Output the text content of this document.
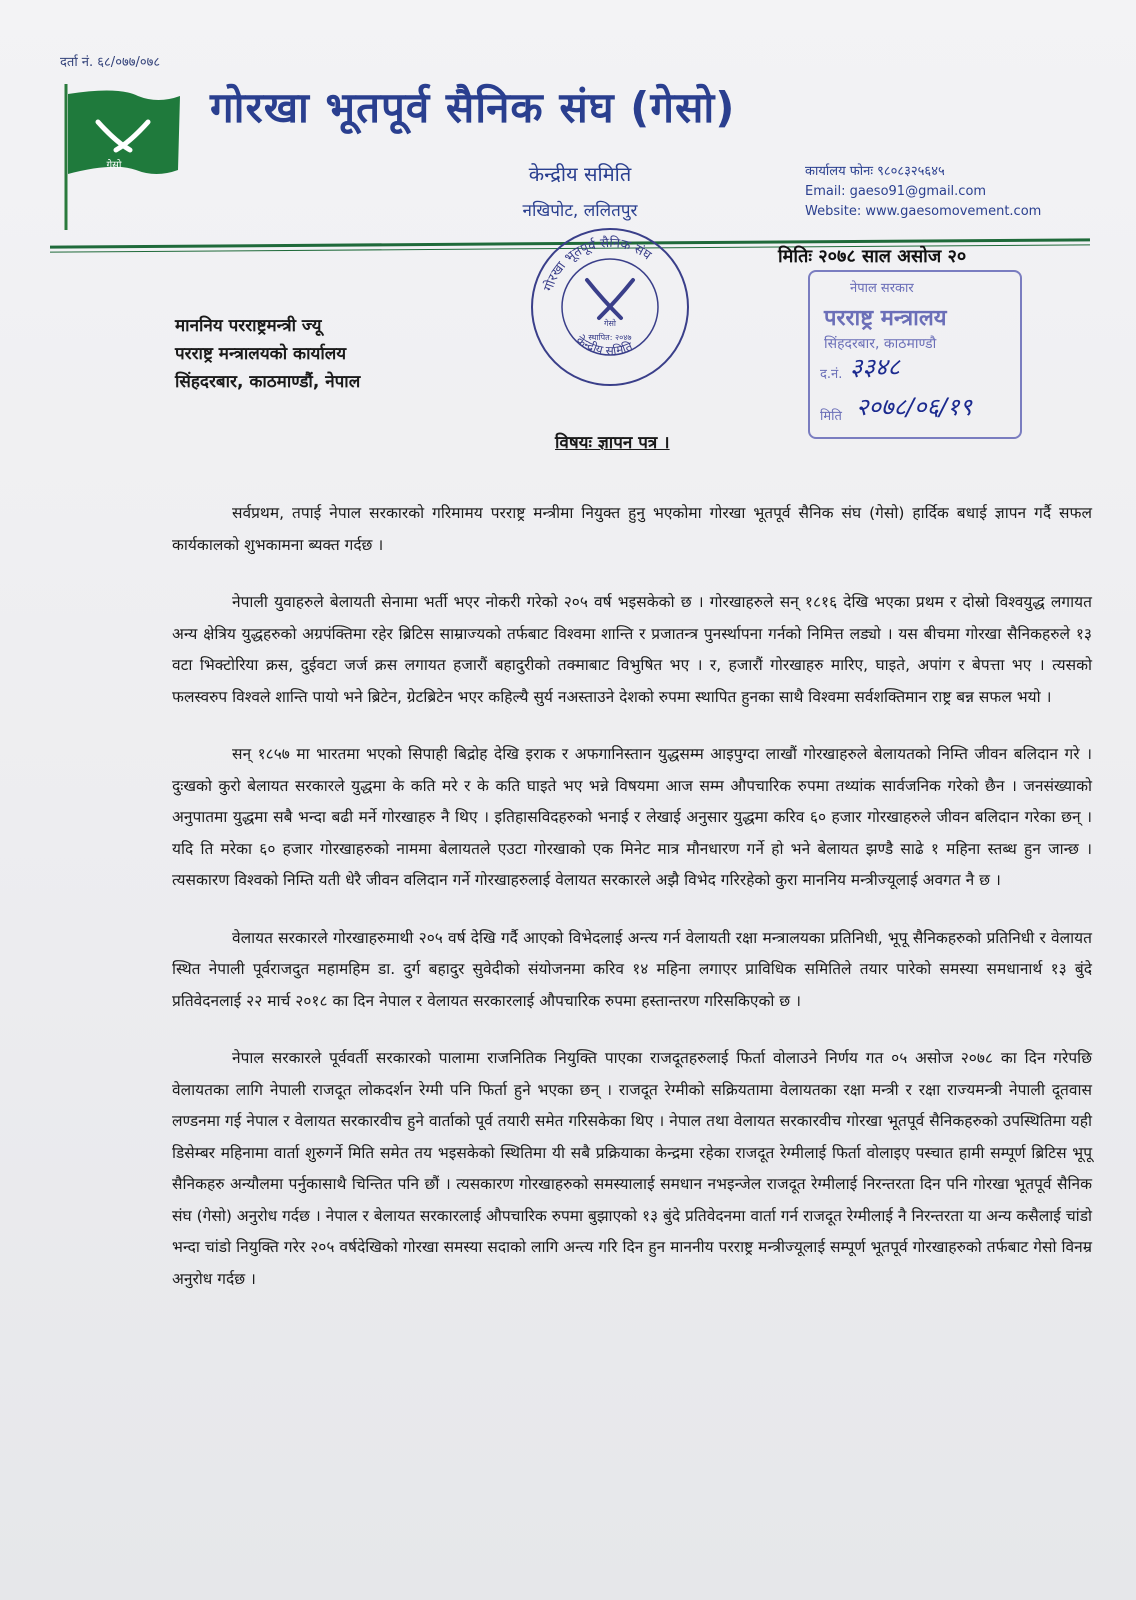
दर्ता नं. ६८/०७७/०७८
गेसो
गोरखा भूतपूर्व सैनिक संघ (गेसो)
केन्द्रीय समिति
नखिपोट, ललितपुर
कार्यालय फोनः ९८०८३२५६४५
Email: gaeso91@gmail.com
Website: www.gaesomovement.com
मितिः २०७८ साल असोज २०
गोरखा भूतपूर्व सैनिक संघ
केन्द्रीय समिति
गेसो
स्थापित: २०४७
नेपाल सरकार
परराष्ट्र मन्त्रालय
सिंहदरबार, काठमाण्डौ
द.नं. ३३४८
मिति २०७८/०६/१९
माननिय परराष्ट्रमन्त्री ज्यू
परराष्ट्र मन्त्रालयको कार्यालय
सिंहदरबार, काठमाण्डौं, नेपाल
विषयः ज्ञापन पत्र ।

सर्वप्रथम, तपाई नेपाल सरकारको गरिमामय परराष्ट्र मन्त्रीमा नियुक्त हुनु भएकोमा गोरखा भूतपूर्व सैनिक संघ (गेसो) हार्दिक बधाई ज्ञापन गर्दै सफल कार्यकालको शुभकामना ब्यक्त गर्दछ ।

नेपाली युवाहरुले बेलायती सेनामा भर्ती भएर नोकरी गरेको २०५ वर्ष भइसकेको छ । गोरखाहरुले सन् १८१६ देखि भएका प्रथम र दोस्रो विश्वयुद्ध लगायत अन्य क्षेत्रिय युद्धहरुको अग्रपंक्तिमा रहेर ब्रिटिस साम्राज्यको तर्फबाट विश्वमा शान्ति र प्रजातन्त्र पुनर्स्थापना गर्नको निमित्त लड्यो । यस बीचमा गोरखा सैनिकहरुले १३ वटा भिक्टोरिया क्रस, दुईवटा जर्ज क्रस लगायत हजारौं बहादुरीको तक्माबाट विभुषित भए । र, हजारौं गोरखाहरु मारिए, घाइते, अपांग र बेपत्ता भए । त्यसको फलस्वरुप विश्वले शान्ति पायो भने ब्रिटेन, ग्रेटब्रिटेन भएर कहिल्यै सुर्य नअस्ताउने देशको रुपमा स्थापित हुनका साथै विश्वमा सर्वशक्तिमान राष्ट्र बन्न सफल भयो ।

सन् १८५७ मा भारतमा भएको सिपाही बिद्रोह देखि इराक र अफगानिस्तान युद्धसम्म आइपुग्दा लाखौं गोरखाहरुले बेलायतको निम्ति जीवन बलिदान गरे । दुःखको कुरो बेलायत सरकारले युद्धमा के कति मरे र के कति घाइते भए भन्ने विषयमा आज सम्म औपचारिक रुपमा तथ्यांक सार्वजनिक गरेको छैन । जनसंख्याको अनुपातमा युद्धमा सबै भन्दा बढी मर्ने गोरखाहरु नै थिए । इतिहासविदहरुको भनाई र लेखाई अनुसार युद्धमा करिव ६० हजार गोरखाहरुले जीवन बलिदान गरेका छन् । यदि ति मरेका ६० हजार गोरखाहरुको नाममा बेलायतले एउटा गोरखाको एक मिनेट मात्र मौनधारण गर्ने हो भने बेलायत झण्डै साढे १ महिना स्तब्ध हुन जान्छ । त्यसकारण विश्वको निम्ति यती धेरै जीवन वलिदान गर्ने गोरखाहरुलाई वेलायत सरकारले अझै विभेद गरिरहेको कुरा माननिय मन्त्रीज्यूलाई अवगत नै छ ।

वेलायत सरकारले गोरखाहरुमाथी २०५ वर्ष देखि गर्दै आएको विभेदलाई अन्त्य गर्न वेलायती रक्षा मन्त्रालयका प्रतिनिधी, भूपू सैनिकहरुको प्रतिनिधी र वेलायत स्थित नेपाली पूर्वराजदुत महामहिम डा. दुर्ग बहादुर सुवेदीको संयोजनमा करिव १४ महिना लगाएर प्राविधिक समितिले तयार पारेको समस्या समधानार्थ १३ बुंदे प्रतिवेदनलाई २२ मार्च २०१८ का दिन नेपाल र वेलायत सरकारलाई औपचारिक रुपमा हस्तान्तरण गरिसकिएको छ ।

नेपाल सरकारले पूर्ववर्ती सरकारको पालामा राजनितिक नियुक्ति पाएका राजदूतहरुलाई फिर्ता वोलाउने निर्णय गत ०५ असोज २०७८ का दिन गरेपछि वेलायतका लागि नेपाली राजदूत लोकदर्शन रेग्मी पनि फिर्ता हुने भएका छन् । राजदूत रेग्मीको सक्रियतामा वेलायतका रक्षा मन्त्री र रक्षा राज्यमन्त्री नेपाली दूतवास लण्डनमा गई नेपाल र वेलायत सरकारवीच हुने वार्ताको पूर्व तयारी समेत गरिसकेका थिए । नेपाल तथा वेलायत सरकारवीच गोरखा भूतपूर्व सैनिकहरुको उपस्थितिमा यही डिसेम्बर महिनामा वार्ता शुरुगर्ने मिति समेत तय भइसकेको स्थितिमा यी सबै प्रक्रियाका केन्द्रमा रहेका राजदूत रेग्मीलाई फिर्ता वोलाइए पस्चात हामी सम्पूर्ण ब्रिटिस भूपू सैनिकहरु अन्यौलमा पर्नुकासाथै चिन्तित पनि छौं । त्यसकारण गोरखाहरुको समस्यालाई समधान नभइन्जेल राजदूत रेग्मीलाई निरन्तरता दिन पनि गोरखा भूतपूर्व सैनिक संघ (गेसो) अनुरोध गर्दछ । नेपाल र बेलायत सरकारलाई औपचारिक रुपमा बुझाएको १३ बुंदे प्रतिवेदनमा वार्ता गर्न राजदूत रेग्मीलाई नै निरन्तरता या अन्य कसैलाई चांडो भन्दा चांडो नियुक्ति गरेर २०५ वर्षदेखिको गोरखा समस्या सदाको लागि अन्त्य गरि दिन हुन माननीय परराष्ट्र मन्त्रीज्यूलाई सम्पूर्ण भूतपूर्व गोरखाहरुको तर्फबाट गेसो विनम्र अनुरोध गर्दछ ।
